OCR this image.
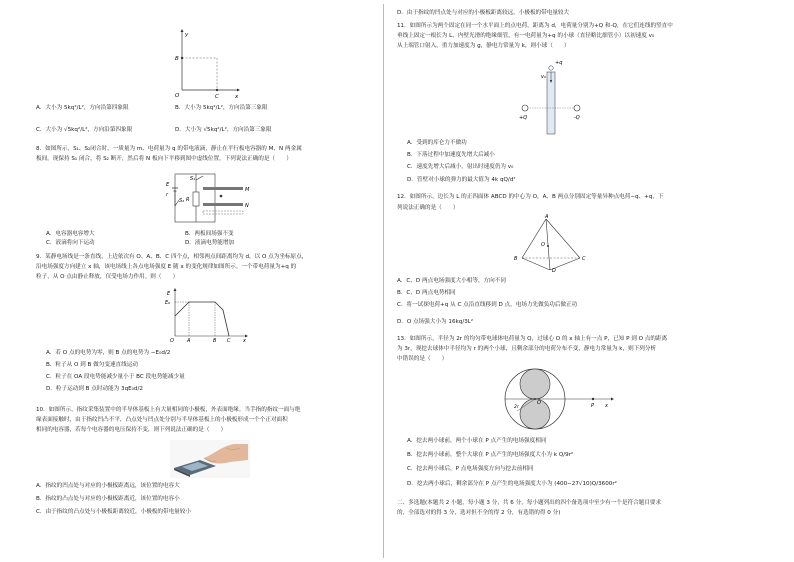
y
B
O	C	x
A．大小为 5kq²/L²，方向沿第四象限	B．大小为 5kq²/L²，方向沿第三象限
C．大小为 √5kq²/L²，方向沿第四象限	D．大小为 √5kq²/L²，方向沿第三象限
8．如图所示，S₁、S₂闭合时，一质量为 m、电荷量为 q 的带电液滴，静止在平行板电容器的 M、N 两金属
板间。现保持 S₁ 闭合，将 S₂ 断开，然后将 N 板向下平移到图中虚线位置，下列说法正确的是（　　）
S₁
S₂
E
r
R
M
N
A．电容器电容增大	B．两板间场强不变
C．液滴将向下运动	D．液滴电势能增加
9．某静电场线是一条直线，上边依次有 O、A、B、C 四个点，相邻两点间距离均为 d，以 O 点为坐标原点，
沿电场强度方向建立 x 轴，该电场线上各点电场强度 E 随 x 的变化规律如图所示。一个带电荷量为+q 的
粒子，从 O 点由静止释放，仅受电场力作用。则（　　）
E
E₀
O	A	B C	x
A．若 O 点的电势为零，则 B 点的电势为 −E₀d/2
B．粒子从 O 到 B 做匀变速直线运动
C．粒子在 OA 段电势能减少量小于 BC 段电势能减少量
D．粒子运动到 B 点时动能为 3qE₀d/2
10．如图所示，指纹采集装置中的半导体基板上有大量相同的小极板，外表面绝缘。当手指的指纹一面与绝
缘表面接触时，由于指纹凹凸不平，凸点处与凹点处分别与半导体基板上的小极板形成一个个正对面积
相同的电容器，若每个电容器的电压保持不变，则下列说法正确的是（　　）
A．指纹的凹点处与对应的小极板距离远，该位置的电容大
B．指纹的凸点处与对应的小极板距离近，该位置的电容小
C．由于指纹的凸点处与小极板距离较近，小极板的带电量较小
D．由于指纹的凹点处与对应的小极板距离较远，小极板的带电量较大
11．如图所示为两个固定在同一个水平面上的点电荷，距离为 d，电荷量分别为+Q 和-Q，在它们连线的竖直中
垂线上固定一根长为 L、内壁光滑的绝缘细管，有一电荷量为+q 的小球（直径略比细管小）以初速度 v₀
从上端管口射入，重力加速度为 g，静电力常量为 k，则小球（　　）
+q
v₀
+Q	-Q
A．受到的库仑力不做功
B．下落过程中加速度先增大后减小
C．速度先增大后减小，射出时速度仍为 v₀
D．管壁对小球的弹力的最大值为 4k qQ/d²
12．如图所示，边长为 L 的正四面体 ABCD 的中心为 O，A、B 两点分别固定等量异种点电荷−q、+q，下
列说法正确的是（　　）
A
B	C
D
O
A．C、D 两点电场强度大小相等，方向不同
B．C、D 两点电势相同
C．将一试探电荷+q 从 C 点沿直线移到 D 点，电场力先做负功后做正功
D．O 点场强大小为 16kq/3L²
13．如图所示，半径为 2r 的均匀带电球体电荷量为 Q，过球心 O 的 x 轴上有一点 P，已知 P 到 O 点的距离
为 3r，现挖去球体中半径均为 r 的两个小球，且剩余部分的电荷分布不变，静电力常量为 k，则下列分析
中错误的是（　　）
O	P x
2r
A．挖去两小球前，两个小球在 P 点产生的电场强度相同
B．挖去两小球前，整个大球在 P 点产生的电场强度大小为 k Q/9r²
C．挖去两小球后，P 点电场强度方向与挖去前相同
D．挖去两小球后，剩余部分在 P 点产生的电场强度大小为 (400−27√10)Q/3600r²
二、多选题(本题共 2 小题，每小题 3 分，共 6 分，每小题列出的四个备选项中至少有一个是符合题目要求
的，全部选对的得 3 分，选对但不全的得 2 分，有选错的得 0 分)
